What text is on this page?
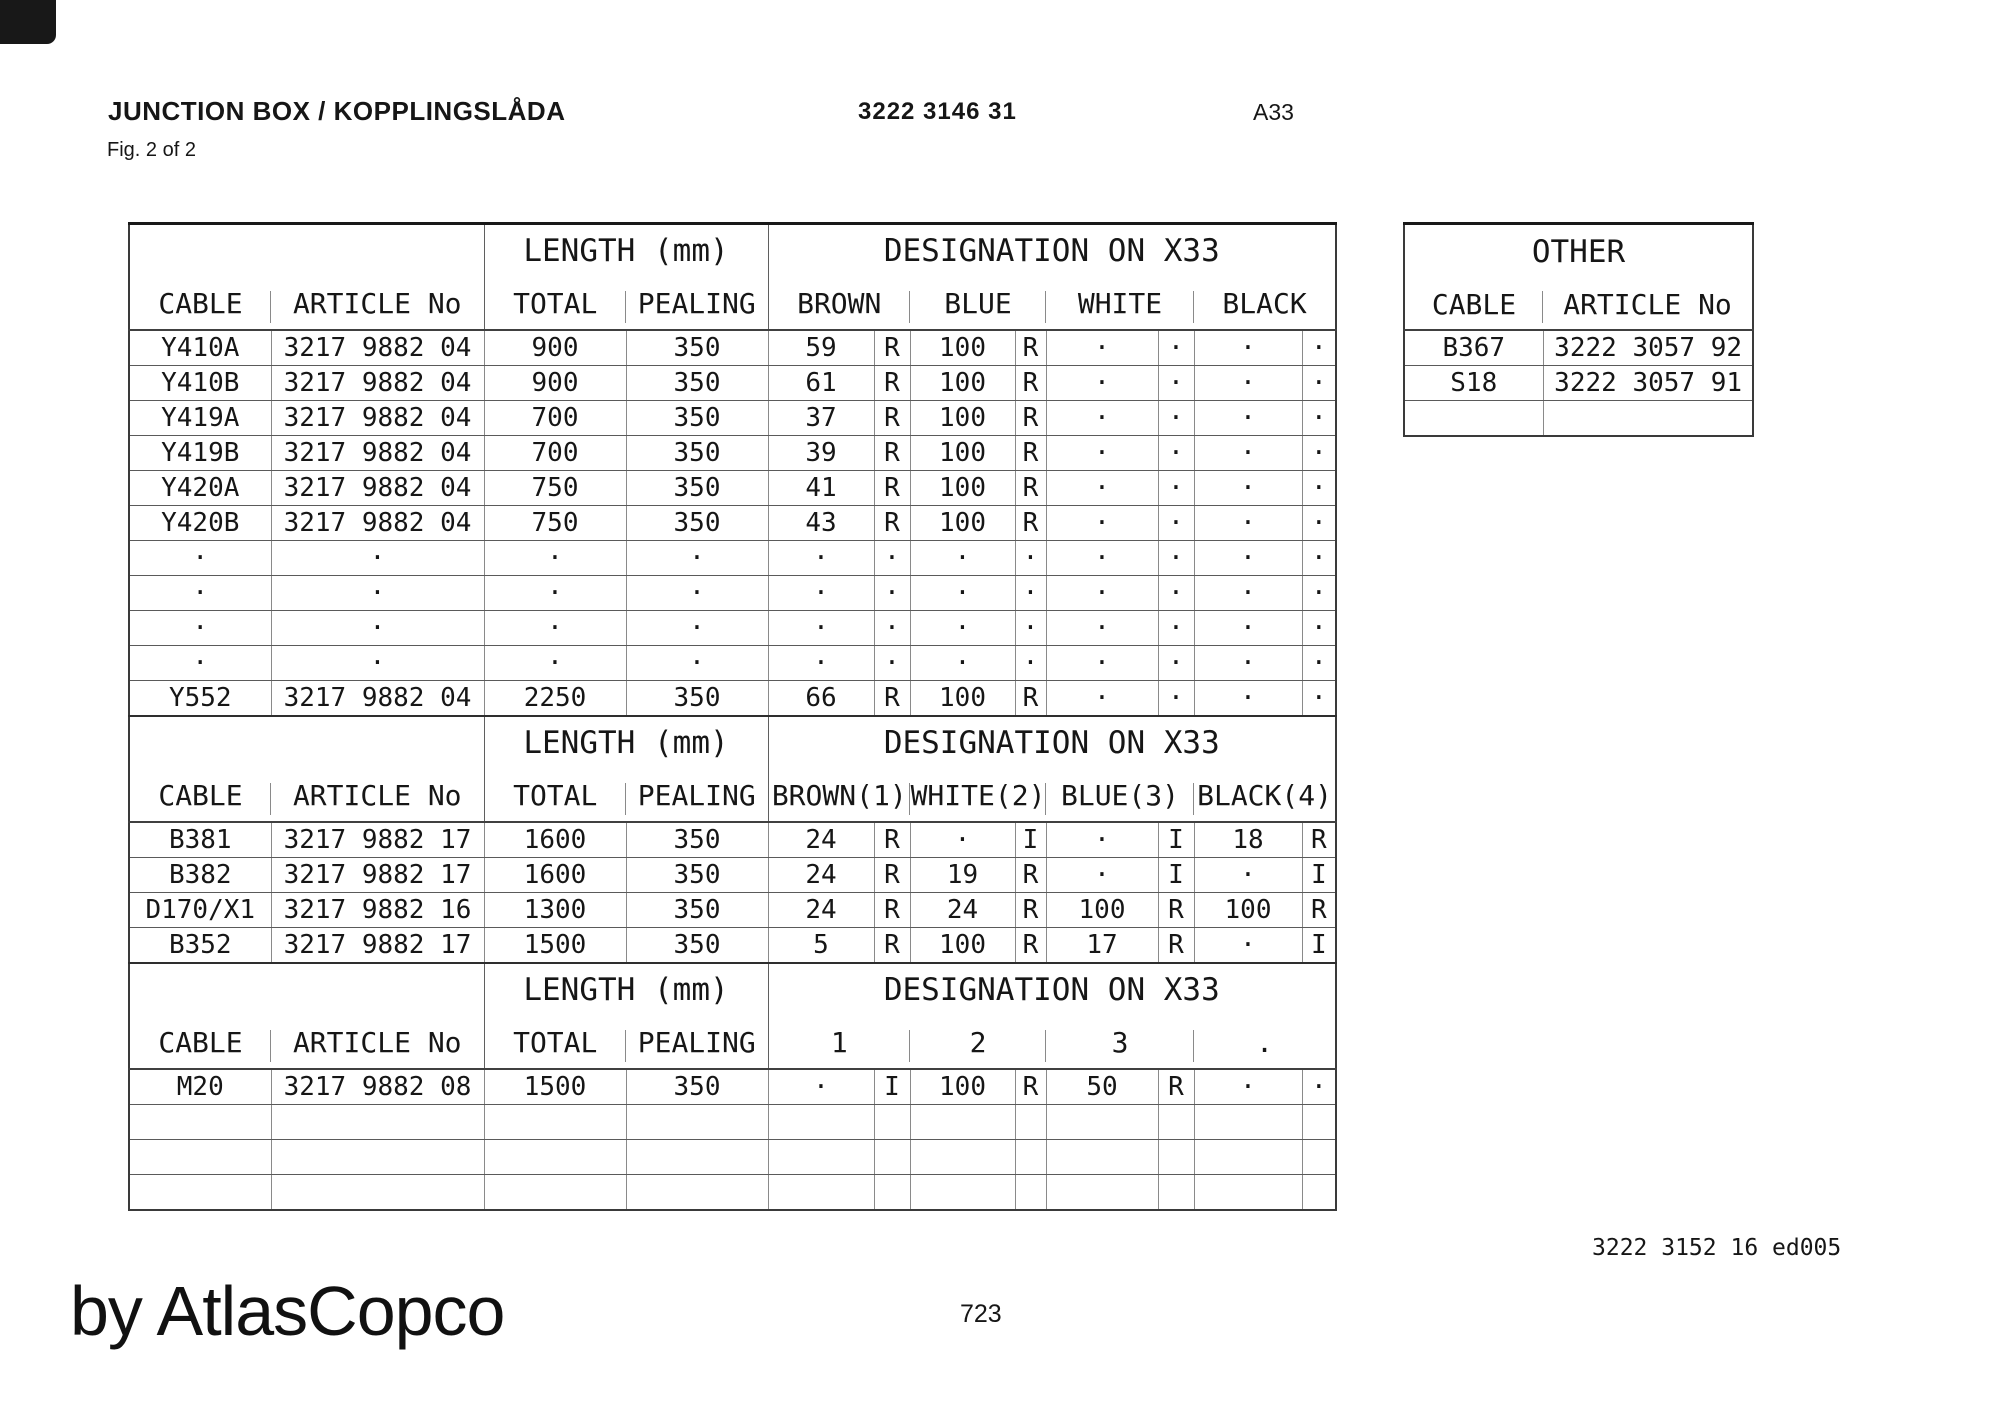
JUNCTION BOX / KOPPLINGSLÅDA	3222 3146 31	A33
Fig. 2 of 2
		LENGTH (mm)		DESIGNATION ON X33							
CABLE	ARTICLE No	TOTAL	PEALING	BROWN		BLUE		WHITE		BLACK	
Y410A	3217 9882 04	900	350	59	R	100	R	·	·	·	·
Y410B	3217 9882 04	900	350	61	R	100	R	·	·	·	·
Y419A	3217 9882 04	700	350	37	R	100	R	·	·	·	·
Y419B	3217 9882 04	700	350	39	R	100	R	·	·	·	·
Y420A	3217 9882 04	750	350	41	R	100	R	·	·	·	·
Y420B	3217 9882 04	750	350	43	R	100	R	·	·	·	·
·	·	·	·	·	·	·	·	·	·	·	·
·	·	·	·	·	·	·	·	·	·	·	·
·	·	·	·	·	·	·	·	·	·	·	·
·	·	·	·	·	·	·	·	·	·	·	·
Y552	3217 9882 04	2250	350	66	R	100	R	·	·	·	·
		LENGTH (mm)		DESIGNATION ON X33							
CABLE	ARTICLE No	TOTAL	PEALING	BROWN(1)		WHITE(2)		BLUE(3)		BLACK(4)	
B381	3217 9882 17	1600	350	24	R	·	I	·	I	18	R
B382	3217 9882 17	1600	350	24	R	19	R	·	I	·	I
D170/X1	3217 9882 16	1300	350	24	R	24	R	100	R	100	R
B352	3217 9882 17	1500	350	5	R	100	R	17	R	·	I
		LENGTH (mm)		DESIGNATION ON X33							
CABLE	ARTICLE No	TOTAL	PEALING	1		2		3		.	
M20	3217 9882 08	1500	350	·	I	100	R	50	R	·	·

OTHER	
CABLE	ARTICLE No
B367	3222 3057 92
S18	3222 3057 91

3222 3152 16 ed005
by AtlasCopco	723
